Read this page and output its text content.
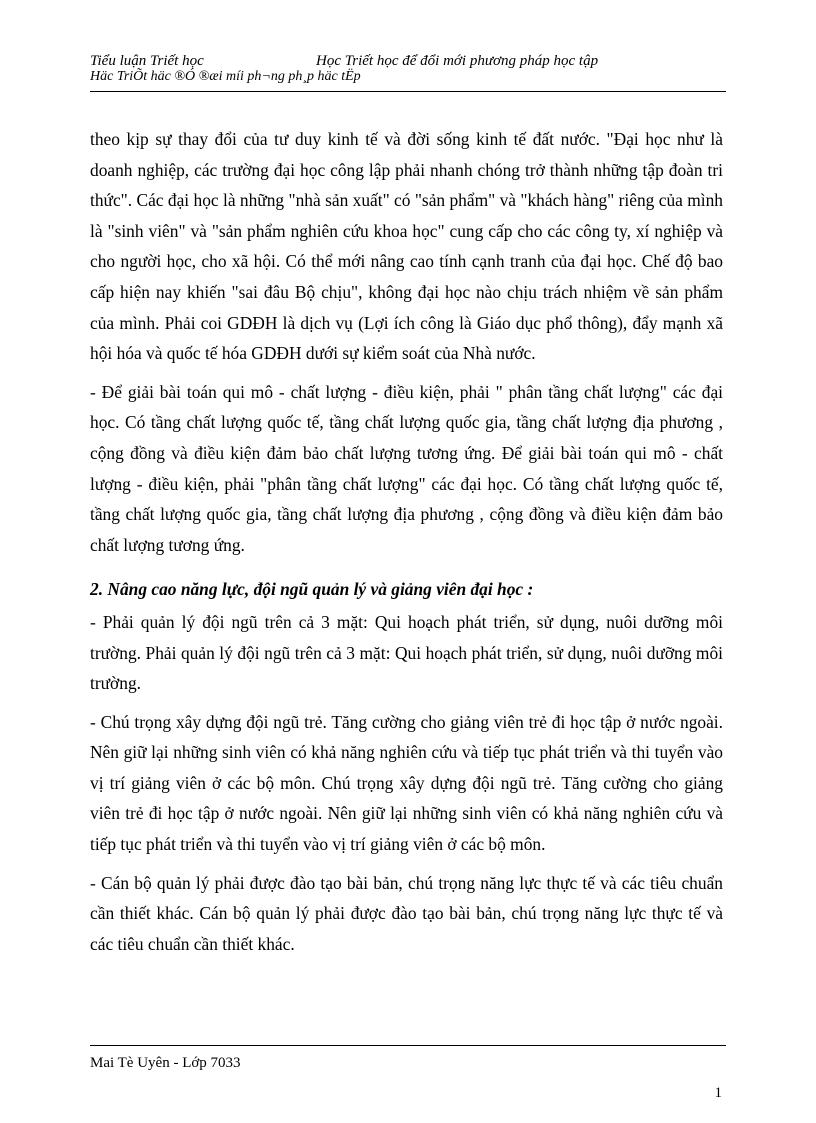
Tiểu luận Triết học	Học Triết học để đổi mới phương pháp học tập
Häc TriÕt häc ®Ó ®æi míi ph¬ng ph¸p häc tËp

theo kịp sự thay đổi của tư duy kinh tế và đời sống kinh tế đất nước. "Đại học như là doanh nghiệp, các trường đại học công lập phải nhanh chóng trở thành những tập đoàn tri thức". Các đại học là những "nhà sản xuất" có "sản phẩm" và "khách hàng" riêng của mình là "sinh viên" và "sản phẩm nghiên cứu khoa học" cung cấp cho các công ty, xí nghiệp và cho người học, cho xã hội. Có thể mới nâng cao tính cạnh tranh của đại học. Chế độ bao cấp hiện nay khiến "sai đâu Bộ chịu", không đại học nào chịu trách nhiệm về sản phẩm của mình. Phải coi GDĐH là dịch vụ (Lợi ích công là Giáo dục phổ thông), đẩy mạnh xã hội hóa và quốc tế hóa GDĐH dưới sự kiểm soát của Nhà nước.

- Để giải bài toán qui mô - chất lượng - điều kiện, phải " phân tầng chất lượng" các đại học. Có tầng chất lượng quốc tế, tầng chất lượng quốc gia, tầng chất lượng địa phương , cộng đồng và điều kiện đảm bảo chất lượng tương ứng. Để giải bài toán qui mô - chất lượng - điều kiện, phải "phân tầng chất lượng" các đại học. Có tầng chất lượng quốc tế, tầng chất lượng quốc gia, tầng chất lượng địa phương , cộng đồng và điều kiện đảm bảo chất lượng tương ứng.

2. Nâng cao năng lực, đội ngũ quản lý và giảng viên đại học :

- Phải quản lý đội ngũ trên cả 3 mặt: Qui hoạch phát triển, sử dụng, nuôi dưỡng môi trường. Phải quản lý đội ngũ trên cả 3 mặt: Qui hoạch phát triển, sử dụng, nuôi dưỡng môi trường.

- Chú trọng xây dựng đội ngũ trẻ. Tăng cường cho giảng viên trẻ đi học tập ở nước ngoài. Nên giữ lại những sinh viên có khả năng nghiên cứu và tiếp tục phát triển và thi tuyển vào vị trí giảng viên ở các bộ môn. Chú trọng xây dựng đội ngũ trẻ. Tăng cường cho giảng viên trẻ đi học tập ở nước ngoài. Nên giữ lại những sinh viên có khả năng nghiên cứu và tiếp tục phát triển và thi tuyển vào vị trí giảng viên ở các bộ môn.

- Cán bộ quản lý phải được đào tạo bài bản, chú trọng năng lực thực tế và các tiêu chuẩn cần thiết khác. Cán bộ quản lý phải được đào tạo bài bản, chú trọng năng lực thực tế và các tiêu chuẩn cần thiết khác.

Mai Tè Uyên - Lớp 7033
1
